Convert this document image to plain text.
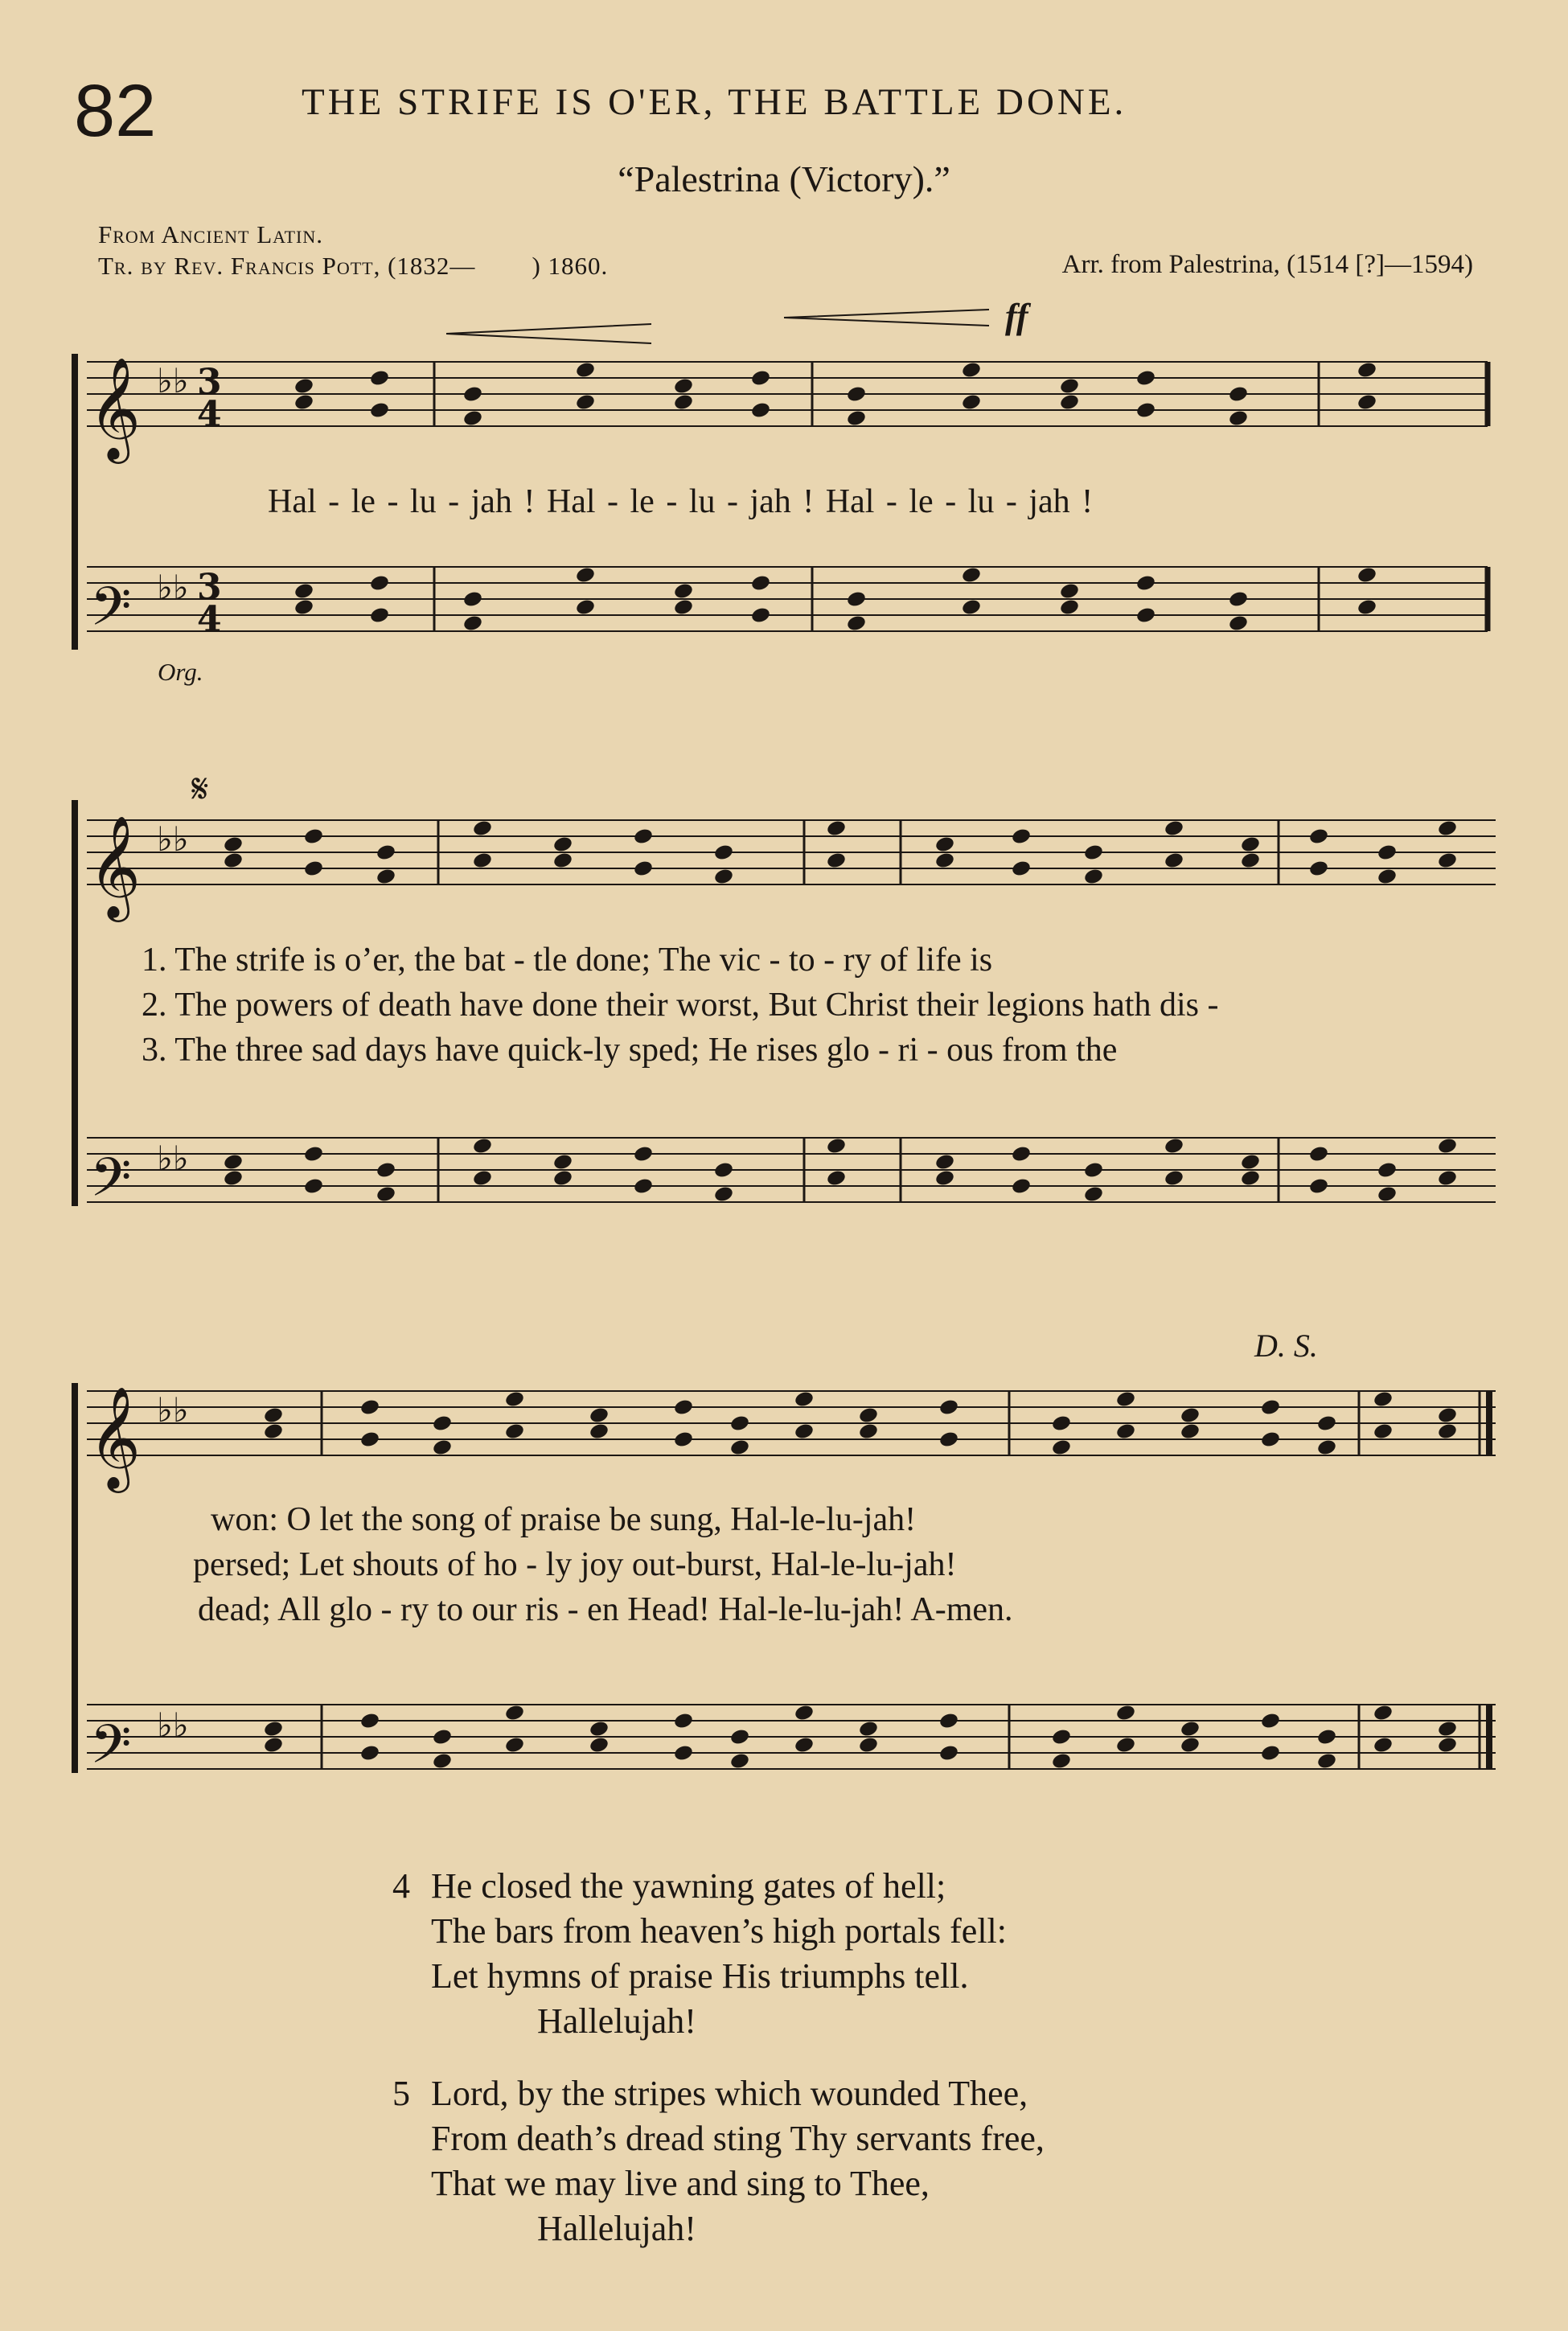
82	THE STRIFE IS O'ER, THE BATTLE DONE.
“Palestrina (Victory).”
From Ancient Latin.
Tr. by Rev. Francis Pott, (1832— ) 1860.	Arr. from Palestrina, (1514 [?]—1594)
𝄞
𝄢
𝄞
𝄢
𝄞
𝄢
♭♭
♭♭
♭♭
♭♭
♭♭
♭♭
3
4
3
4
ff
𝄋
D. S.
Org.
Hal - le - lu - jah ! Hal - le - lu - jah ! Hal - le - lu - jah !
1. The strife is o’er, the bat - tle done; The vic - to - ry of life is
2. The powers of death have done their worst, But Christ their legions hath dis -
3. The three sad days have quick-ly sped; He rises glo - ri - ous from the
won: O let the song of praise be sung, Hal-le-lu-jah!
persed; Let shouts of ho - ly joy out-burst, Hal-le-lu-jah!
dead; All glo - ry to our ris - en Head! Hal-le-lu-jah! A-men.
4 He closed the yawning gates of hell;
The bars from heaven’s high portals fell:
Let hymns of praise His triumphs tell.
Hallelujah!
5 Lord, by the stripes which wounded Thee,
From death’s dread sting Thy servants free,
That we may live and sing to Thee,
Hallelujah!
